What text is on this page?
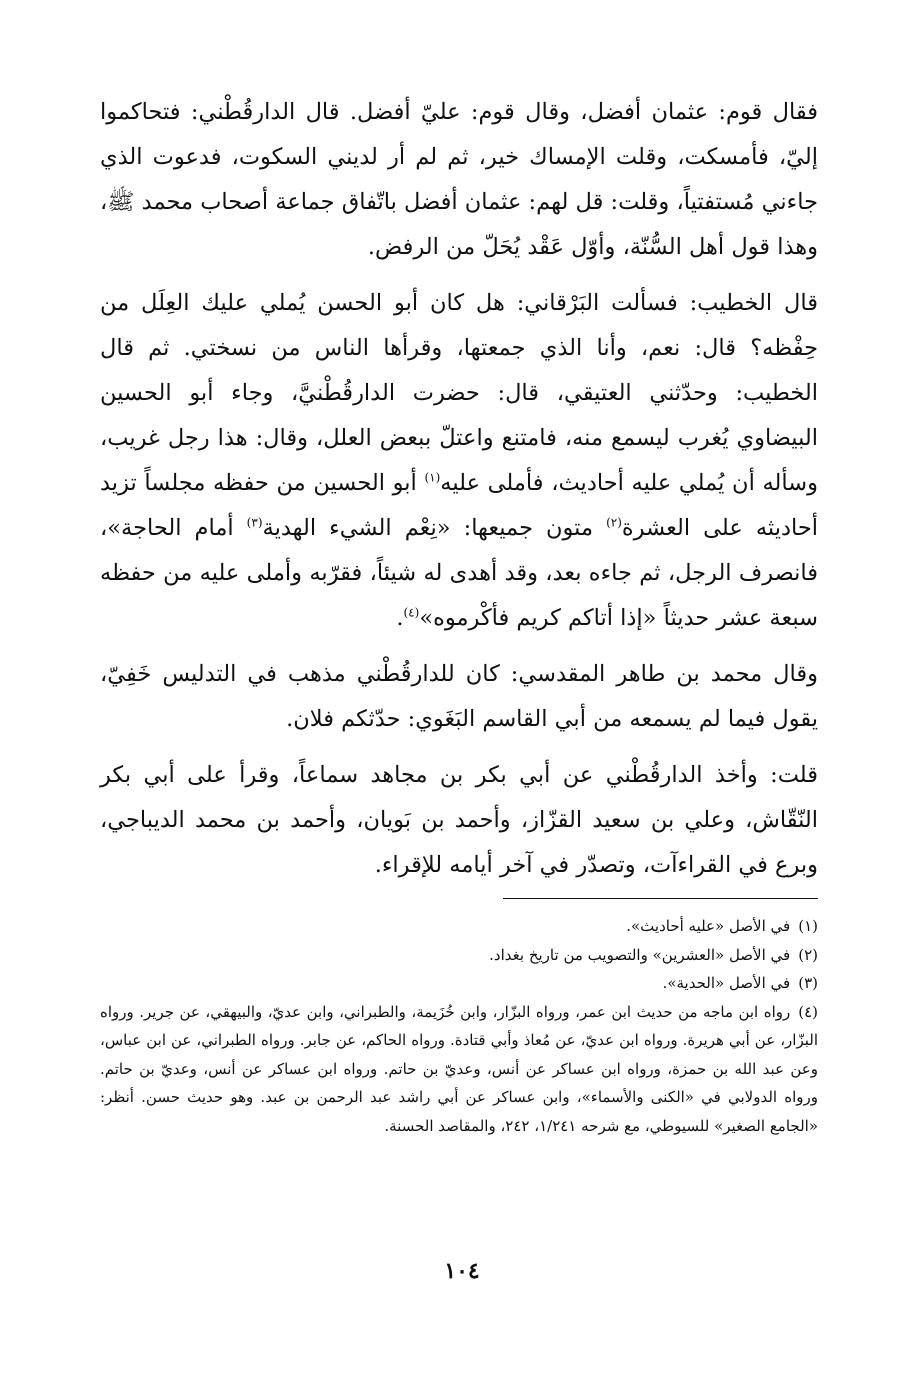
فقال قوم: عثمان أفضل، وقال قوم: عليّ أفضل. قال الدارقُطْني: فتحاكموا إليّ، فأمسكت، وقلت الإمساك خير، ثم لم أر لديني السكوت، فدعوت الذي جاءني مُستفتياً، وقلت: قل لهم: عثمان أفضل باتّفاق جماعة أصحاب محمد ﷺ، وهذا قول أهل السُّنّة، وأوّل عَقْد يُحَلّ من الرفض.

قال الخطيب: فسألت البَرْقاني: هل كان أبو الحسن يُملي عليك العِلَل من حِفْظه؟ قال: نعم، وأنا الذي جمعتها، وقرأها الناس من نسختي. ثم قال الخطيب: وحدّثني العتيقي، قال: حضرت الدارقُطْنيَّ، وجاء أبو الحسين البيضاوي يُغرب ليسمع منه، فامتنع واعتلّ ببعض العلل، وقال: هذا رجل غريب، وسأله أن يُملي عليه أحاديث، فأملى عليه$^{(١)}$ أبو الحسين من حفظه مجلساً تزيد أحاديثه على العشرة$^{(٢)}$ متون جميعها: «نِعْم الشيء الهدية$^{(٣)}$ أمام الحاجة»، فانصرف الرجل، ثم جاءه بعد، وقد أهدى له شيئاً، فقرّبه وأملى عليه من حفظه سبعة عشر حديثاً «إذا أتاكم كريم فأكْرموه»$^{(٤)}$.

وقال محمد بن طاهر المقدسي: كان للدارقُطْني مذهب في التدليس خَفِيّ، يقول فيما لم يسمعه من أبي القاسم البَغَوي: حدّثكم فلان.

قلت: وأخذ الدارقُطْني عن أبي بكر بن مجاهد سماعاً، وقرأ على أبي بكر النّقّاش، وعلي بن سعيد القزّاز، وأحمد بن بَويان، وأحمد بن محمد الديباجي، وبرع في القراءآت، وتصدّر في آخر أيامه للإقراء.

(١)في الأصل «عليه أحاديث».

(٢)في الأصل «العشرين» والتصويب من تاريخ بغداد.

(٣)في الأصل «الحدية».

(٤)رواه ابن ماجه من حديث ابن عمر، ورواه البزّار، وابن خُزَيمة، والطبراني، وابن عديّ، والبيهقي، عن جرير. ورواه البزّار، عن أبي هريرة. ورواه ابن عديّ، عن مُعاذ وأبي قتادة. ورواه الحاكم، عن جابر. ورواه الطبراني، عن ابن عباس، وعن عبد الله بن حمزة، ورواه ابن عساكر عن أنس، وعديّ بن حاتم. ورواه ابن عساكر عن أنس، وعديّ بن حاتم. ورواه الدولابي في «الكنى والأسماء»، وابن عساكر عن أبي راشد عبد الرحمن بن عبد. وهو حديث حسن. أنظر: «الجامع الصغير» للسيوطي، مع شرحه ١/٢٤١، ٢٤٢، والمقاصد الحسنة.

١٠٤
